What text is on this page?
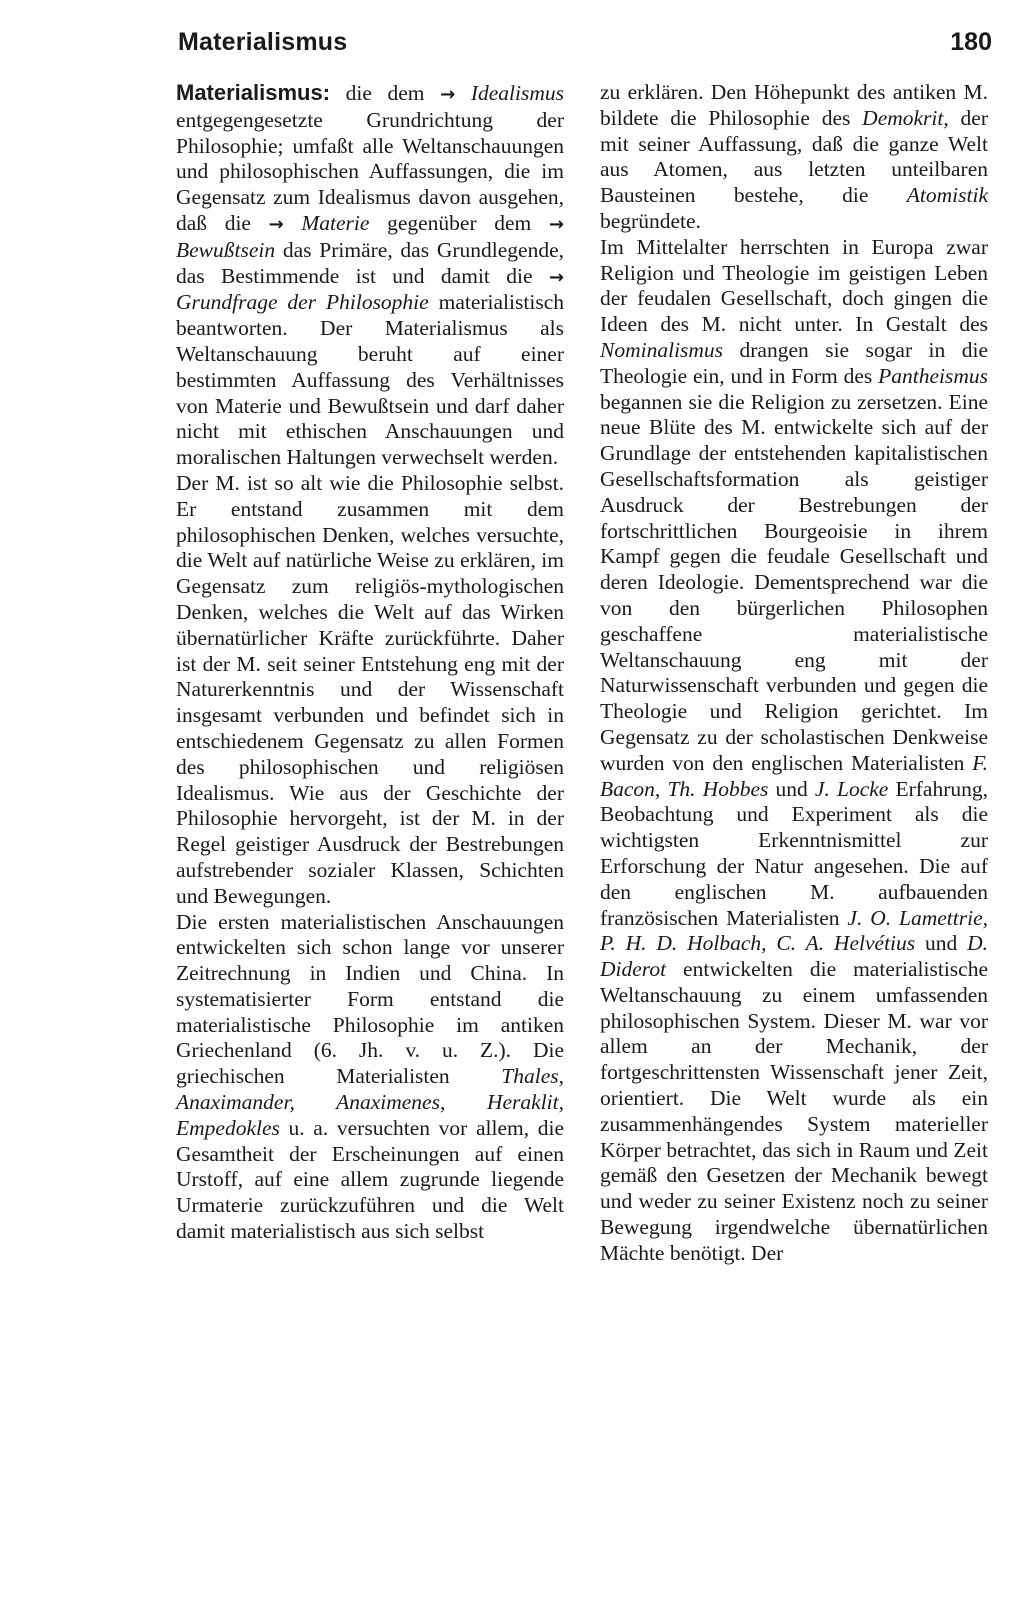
Materialismus	180

Materialismus: die dem → Idealismus entgegengesetzte Grundrichtung der Philosophie; umfaßt alle Weltanschauungen und philosophischen Auffassungen, die im Gegensatz zum Idealismus davon ausgehen, daß die → Materie gegenüber dem → Bewußtsein das Primäre, das Grundlegende, das Bestimmende ist und damit die → Grundfrage der Philosophie materialistisch beantworten. Der Materialismus als Weltanschauung beruht auf einer bestimmten Auffassung des Verhältnisses von Materie und Bewußtsein und darf daher nicht mit ethischen Anschauungen und moralischen Haltungen verwechselt werden.

Der M. ist so alt wie die Philosophie selbst. Er entstand zusammen mit dem philosophischen Denken, welches versuchte, die Welt auf natürliche Weise zu erklären, im Gegensatz zum religiös-mythologischen Denken, welches die Welt auf das Wirken übernatürlicher Kräfte zurückführte. Daher ist der M. seit seiner Entstehung eng mit der Naturerkenntnis und der Wissenschaft insgesamt verbunden und befindet sich in entschiedenem Gegensatz zu allen Formen des philosophischen und religiösen Idealismus. Wie aus der Geschichte der Philosophie hervorgeht, ist der M. in der Regel geistiger Ausdruck der Bestrebungen aufstrebender sozialer Klassen, Schichten und Bewegungen.

Die ersten materialistischen Anschauungen entwickelten sich schon lange vor unserer Zeitrechnung in Indien und China. In systematisierter Form entstand die materialistische Philosophie im antiken Griechenland (6. Jh. v. u. Z.). Die griechischen Materialisten Thales, Anaximander, Anaximenes, Heraklit, Empedokles u. a. versuchten vor allem, die Gesamtheit der Erscheinungen auf einen Urstoff, auf eine allem zugrunde liegende Urmaterie zurückzuführen und die Welt damit materialistisch aus sich selbst

zu erklären. Den Höhepunkt des antiken M. bildete die Philosophie des Demokrit, der mit seiner Auffassung, daß die ganze Welt aus Atomen, aus letzten unteilbaren Bausteinen bestehe, die Atomistik begründete.

Im Mittelalter herrschten in Europa zwar Religion und Theologie im geistigen Leben der feudalen Gesellschaft, doch gingen die Ideen des M. nicht unter. In Gestalt des Nominalismus drangen sie sogar in die Theologie ein, und in Form des Pantheismus begannen sie die Religion zu zersetzen. Eine neue Blüte des M. entwickelte sich auf der Grundlage der entstehenden kapitalistischen Gesellschaftsformation als geistiger Ausdruck der Bestrebungen der fortschrittlichen Bourgeoisie in ihrem Kampf gegen die feudale Gesellschaft und deren Ideologie. Dementsprechend war die von den bürgerlichen Philosophen geschaffene materialistische Weltanschauung eng mit der Naturwissenschaft verbunden und gegen die Theologie und Religion gerichtet. Im Gegensatz zu der scholastischen Denkweise wurden von den englischen Materialisten F. Bacon, Th. Hobbes und J. Locke Erfahrung, Beobachtung und Experiment als die wichtigsten Erkenntnismittel zur Erforschung der Natur angesehen. Die auf den englischen M. aufbauenden französischen Materialisten J. O. Lamettrie, P. H. D. Holbach, C. A. Helvétius und D. Diderot entwickelten die materialistische Weltanschauung zu einem umfassenden philosophischen System. Dieser M. war vor allem an der Mechanik, der fortgeschrittensten Wissenschaft jener Zeit, orientiert. Die Welt wurde als ein zusammenhängendes System materieller Körper betrachtet, das sich in Raum und Zeit gemäß den Gesetzen der Mechanik bewegt und weder zu seiner Existenz noch zu seiner Bewegung irgendwelche übernatürlichen Mächte benötigt. Der
